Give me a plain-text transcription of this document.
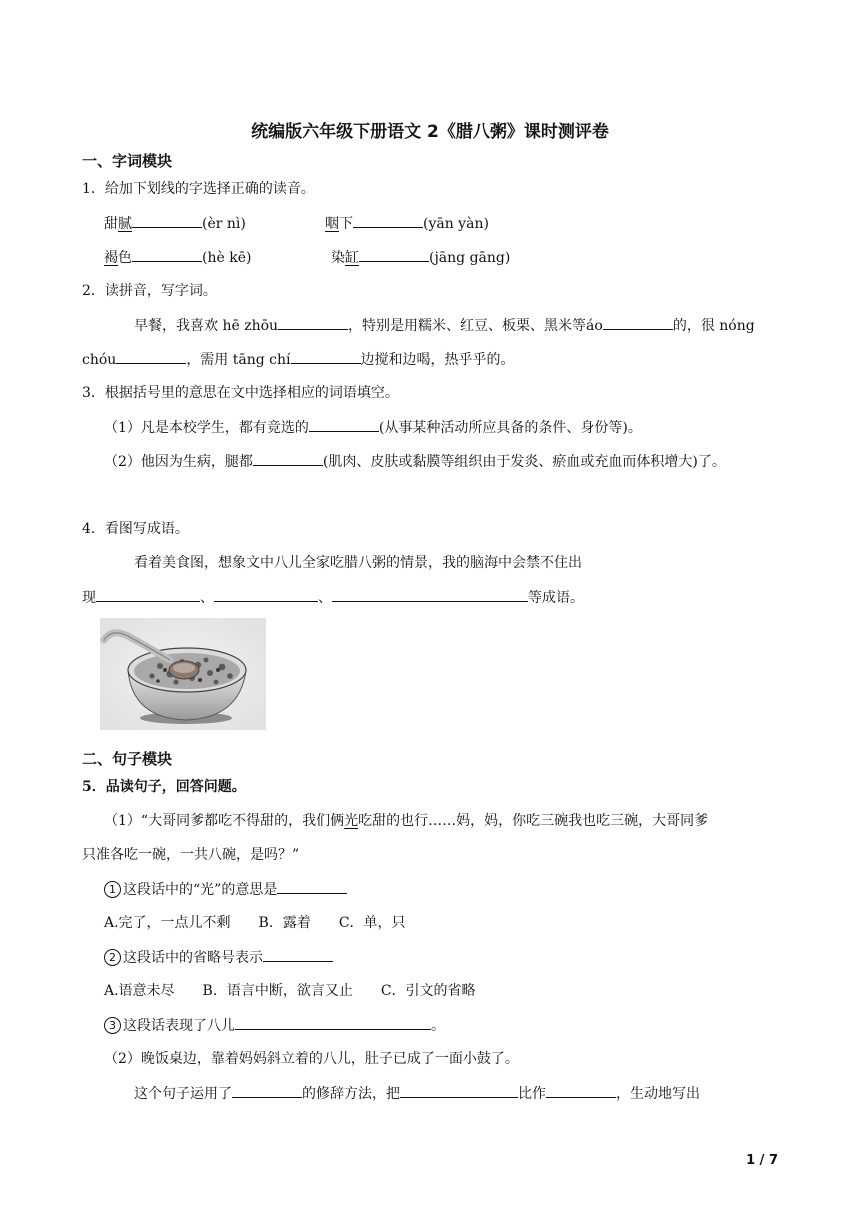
统编版六年级下册语文 2《腊八粥》课时测评卷
一、字词模块
1．给加下划线的字选择正确的读音。
甜腻	(èr nì)	咽下	(yān yàn)
褐色	(hè kē)	染缸	(jāng gāng)
2．读拼音，写字词。
早餐，我喜欢 hē zhōu	，特别是用糯米、红豆、板栗、黑米等áo	的，很 nóng
chóu	，需用 tāng chí	边搅和边喝，热乎乎的。
3．根据括号里的意思在文中选择相应的词语填空。
（1）凡是本校学生，都有竞选的	(从事某种活动所应具备的条件、身份等)。
（2）他因为生病，腿都	(肌肉、皮肤或黏膜等组织由于发炎、瘀血或充血而体积增大)了。
4．看图写成语。
看着美食图，想象文中八儿全家吃腊八粥的情景，我的脑海中会禁不住出
现	、	、	等成语。
二、句子模块
5．品读句子，回答问题。
（1）“大哥同爹都吃不得甜的，我们俩光吃甜的也行……妈，妈，你吃三碗我也吃三碗，大哥同爹
只准各吃一碗，一共八碗，是吗？”
1 这段话中的“光”的意思是
A.完了，一点儿不剩　　B．露着　　C．单，只
2 这段话中的省略号表示
A.语意未尽　　B．语言中断，欲言又止　　C．引文的省略
3 这段话表现了八儿	。
（2）晚饭桌边，靠着妈妈斜立着的八儿，肚子已成了一面小鼓了。
这个句子运用了	的修辞方法，把	比作	，生动地写出
1 / 7
